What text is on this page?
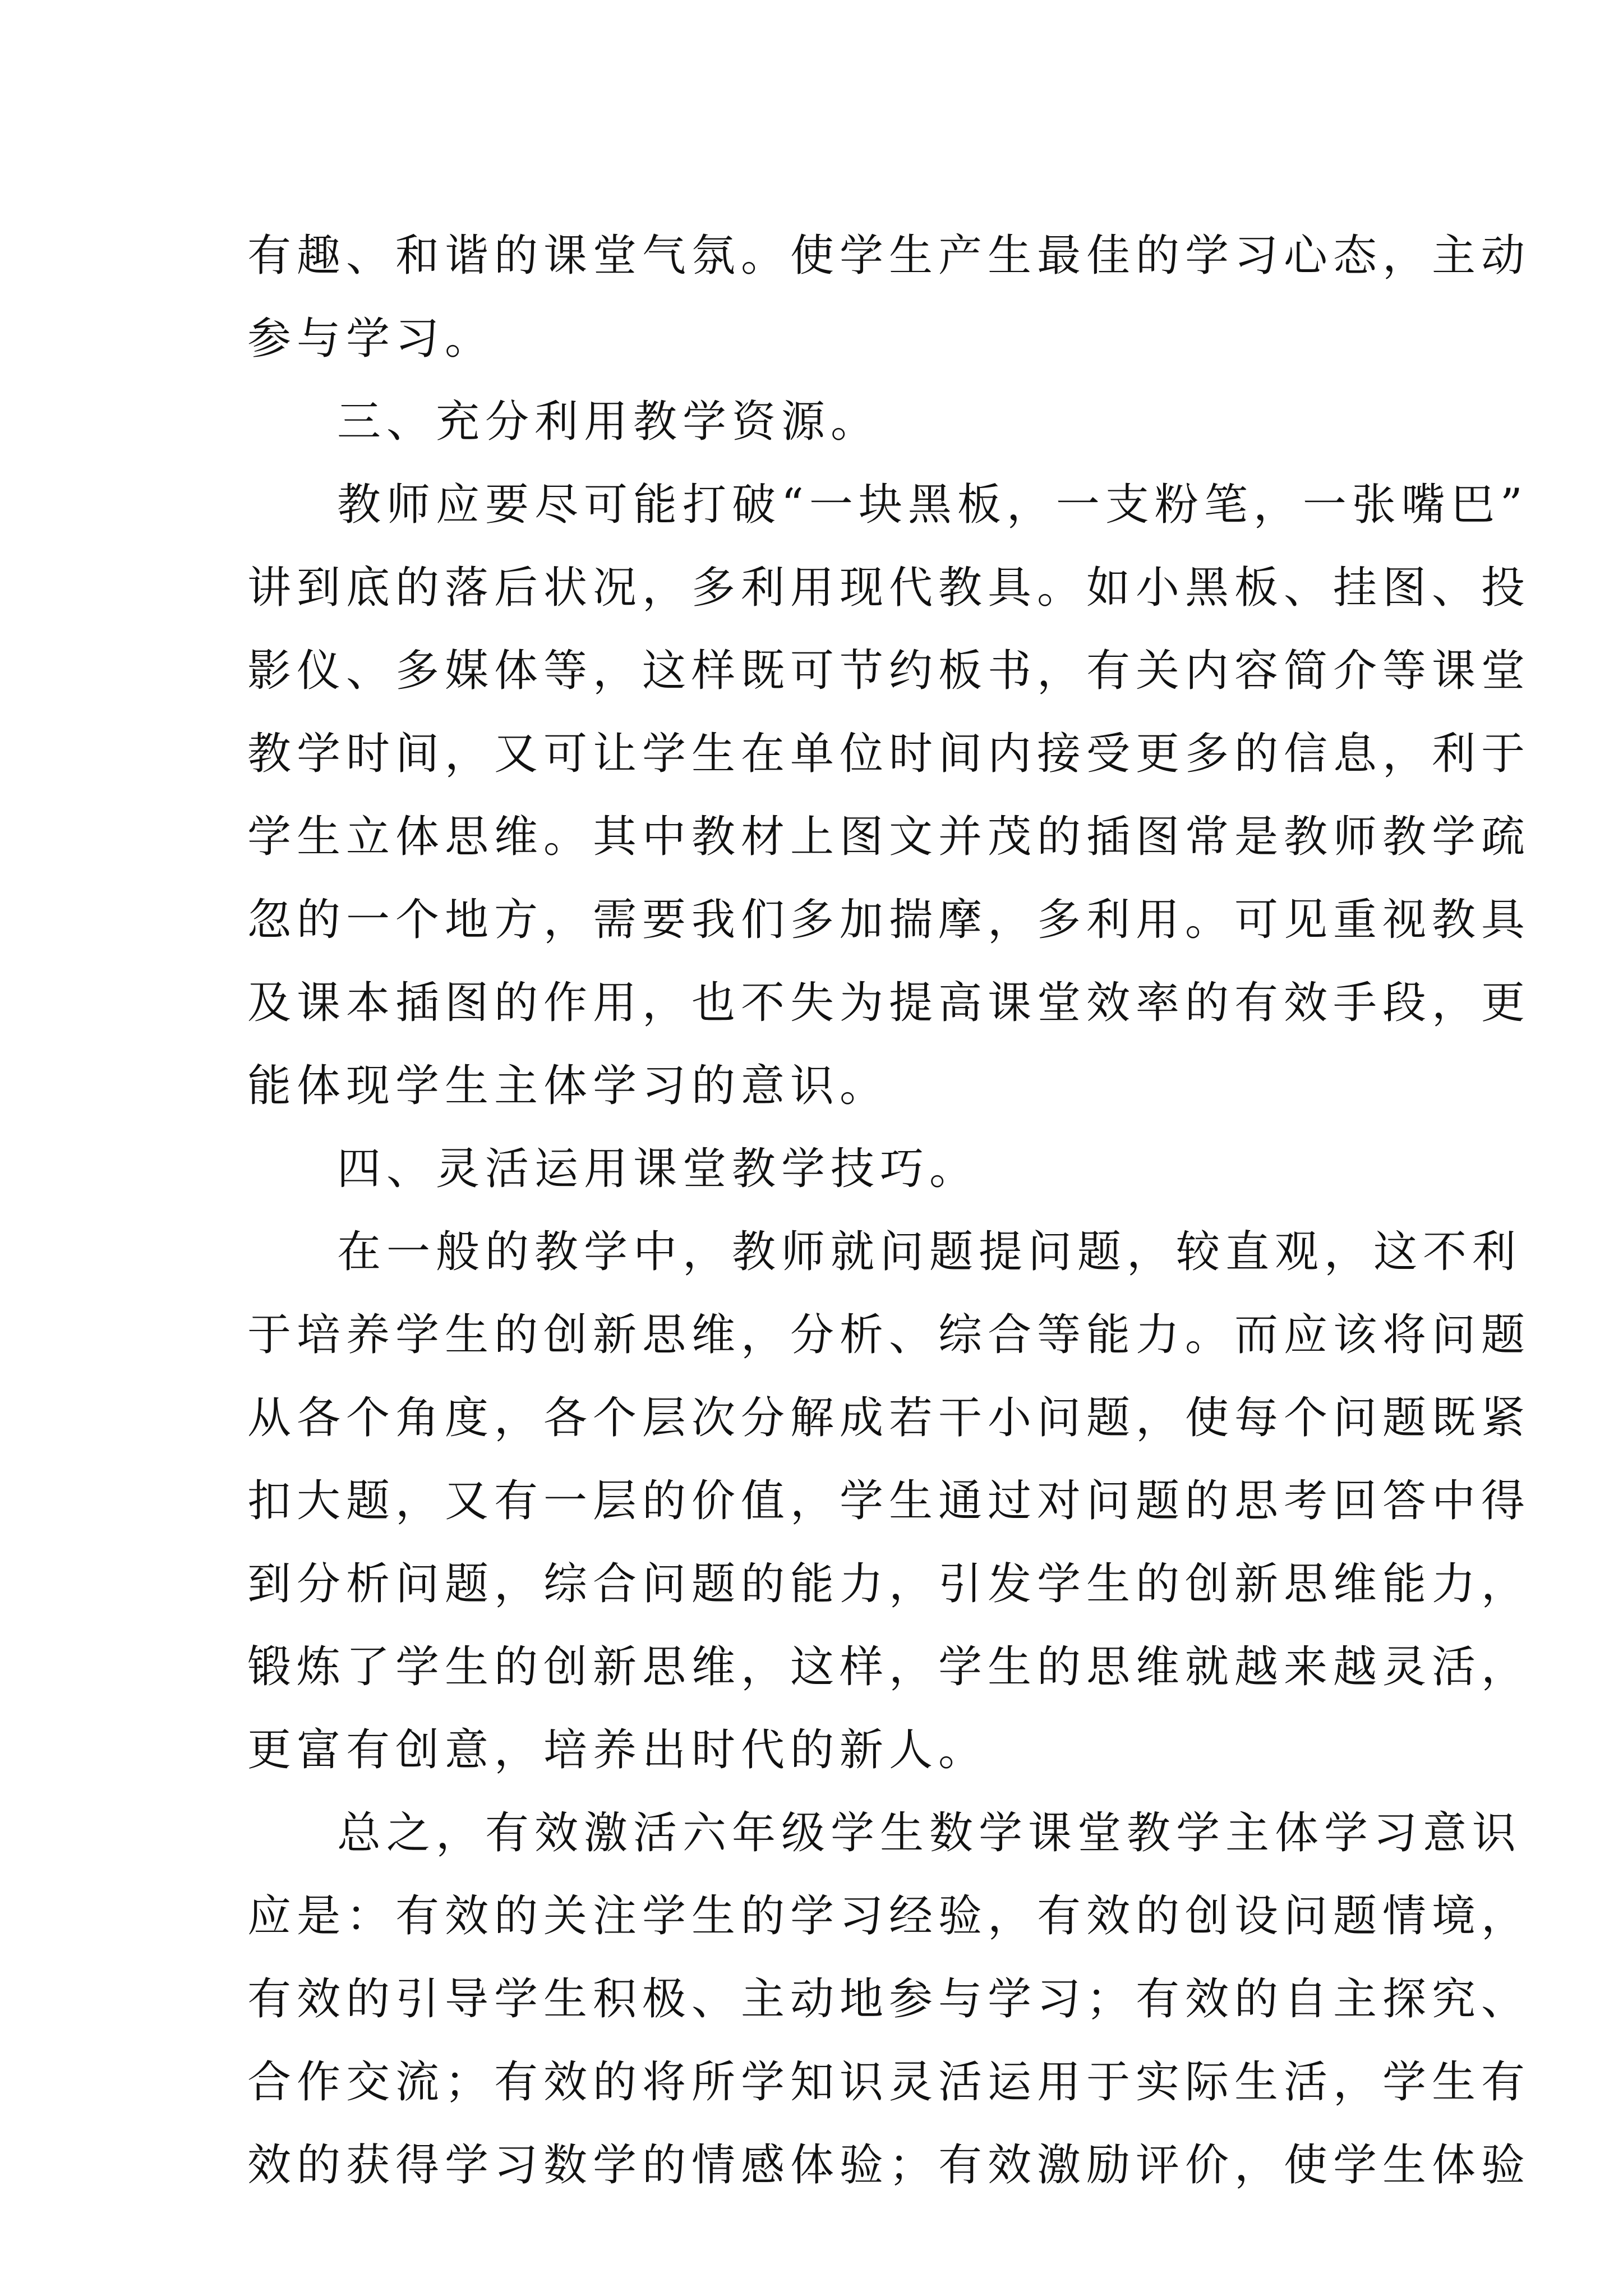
有趣、和谐的课堂气氛。使学生产生最佳的学习心态，主动
参与学习。
三、充分利用教学资源。
教师应要尽可能打破“一块黑板，一支粉笔，一张嘴巴”
讲到底的落后状况，多利用现代教具。如小黑板、挂图、投
影仪、多媒体等，这样既可节约板书，有关内容简介等课堂
教学时间，又可让学生在单位时间内接受更多的信息，利于
学生立体思维。其中教材上图文并茂的插图常是教师教学疏
忽的一个地方，需要我们多加揣摩，多利用。可见重视教具
及课本插图的作用，也不失为提高课堂效率的有效手段，更
能体现学生主体学习的意识。
四、灵活运用课堂教学技巧。
在一般的教学中，教师就问题提问题，较直观，这不利
于培养学生的创新思维，分析、综合等能力。而应该将问题
从各个角度，各个层次分解成若干小问题，使每个问题既紧
扣大题，又有一层的价值，学生通过对问题的思考回答中得
到分析问题，综合问题的能力，引发学生的创新思维能力，
锻炼了学生的创新思维，这样，学生的思维就越来越灵活，
更富有创意，培养出时代的新人。
总之，有效激活六年级学生数学课堂教学主体学习意识
应是：有效的关注学生的学习经验，有效的创设问题情境，
有效的引导学生积极、主动地参与学习；有效的自主探究、
合作交流；有效的将所学知识灵活运用于实际生活，学生有
效的获得学习数学的情感体验；有效激励评价，使学生体验
